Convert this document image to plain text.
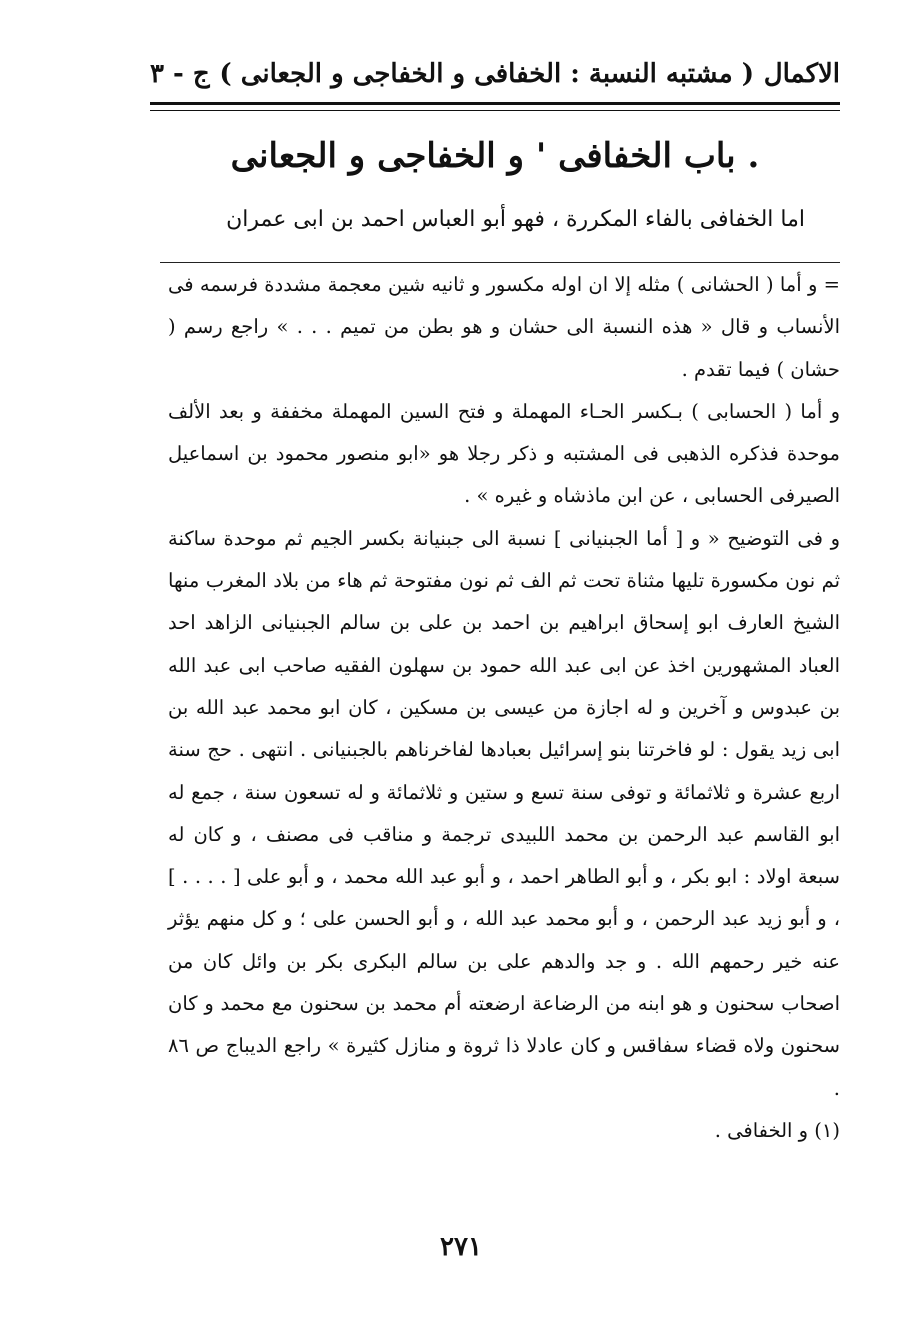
الاكمال
( مشتبه النسبة : الخفافى و الخفاجى و الجعانى )
ج - ٣
. باب الخفافى ' و الخفاجى و الجعانى
اما الخفافى بالفاء المكررة ، فهو أبو العباس احمد بن ابى عمران

= و أما ( الحشانى ) مثله إلا ان اوله مكسور و ثانيه شين معجمة مشددة فرسمه فى الأنساب و قال « هذه النسبة الى حشان و هو بطن من تميم . . . » راجع رسم ( حشان ) فيما تقدم .

و أما ( الحسابى ) بـكسر الحـاء المهملة و فتح السين المهملة مخففة و بعد الألف موحدة فذكره الذهبى فى المشتبه و ذكر رجلا هو «ابو منصور محمود بن اسماعيل الصيرفى الحسابى ، عن ابن ماذشاه و غيره » .

و فى التوضيح « و [ أما الجبنيانى ] نسبة الى جبنيانة بكسر الجيم ثم موحدة ساكنة ثم نون مكسورة تليها مثناة تحت ثم الف ثم نون مفتوحة ثم هاء من بلاد المغرب منها الشيخ العارف ابو إسحاق ابراهيم بن احمد بن على بن سالم الجبنيانى الزاهد احد العباد المشهورين اخذ عن ابى عبد الله حمود بن سهلون الفقيه صاحب ابى عبد الله بن عبدوس و آخرين و له اجازة من عيسى بن مسكين ، كان ابو محمد عبد الله بن ابى زيد يقول : لو فاخرتنا بنو إسرائيل بعبادها لفاخرناهم بالجبنيانى . انتهى . حج سنة اربع عشرة و ثلاثمائة و توفى سنة تسع و ستين و ثلاثمائة و له تسعون سنة ، جمع له ابو القاسم عبد الرحمن بن محمد اللبيدى ترجمة و مناقب فى مصنف ، و كان له سبعة اولاد : ابو بكر ، و أبو الطاهر احمد ، و أبو عبد الله محمد ، و أبو على [ . . . . ] ، و أبو زيد عبد الرحمن ، و أبو محمد عبد الله ، و أبو الحسن على ؛ و كل منهم يؤثر عنه خير رحمهم الله . و جد والدهم على بن سالم البكرى بكر بن وائل كان من اصحاب سحنون و هو ابنه من الرضاعة ارضعته أم محمد بن سحنون مع محمد و كان سحنون ولاه قضاء سفاقس و كان عادلا ذا ثروة و منازل كثيرة » راجع الديباج ص ٨٦ .

(١) و الخفافى .

٢٧١
